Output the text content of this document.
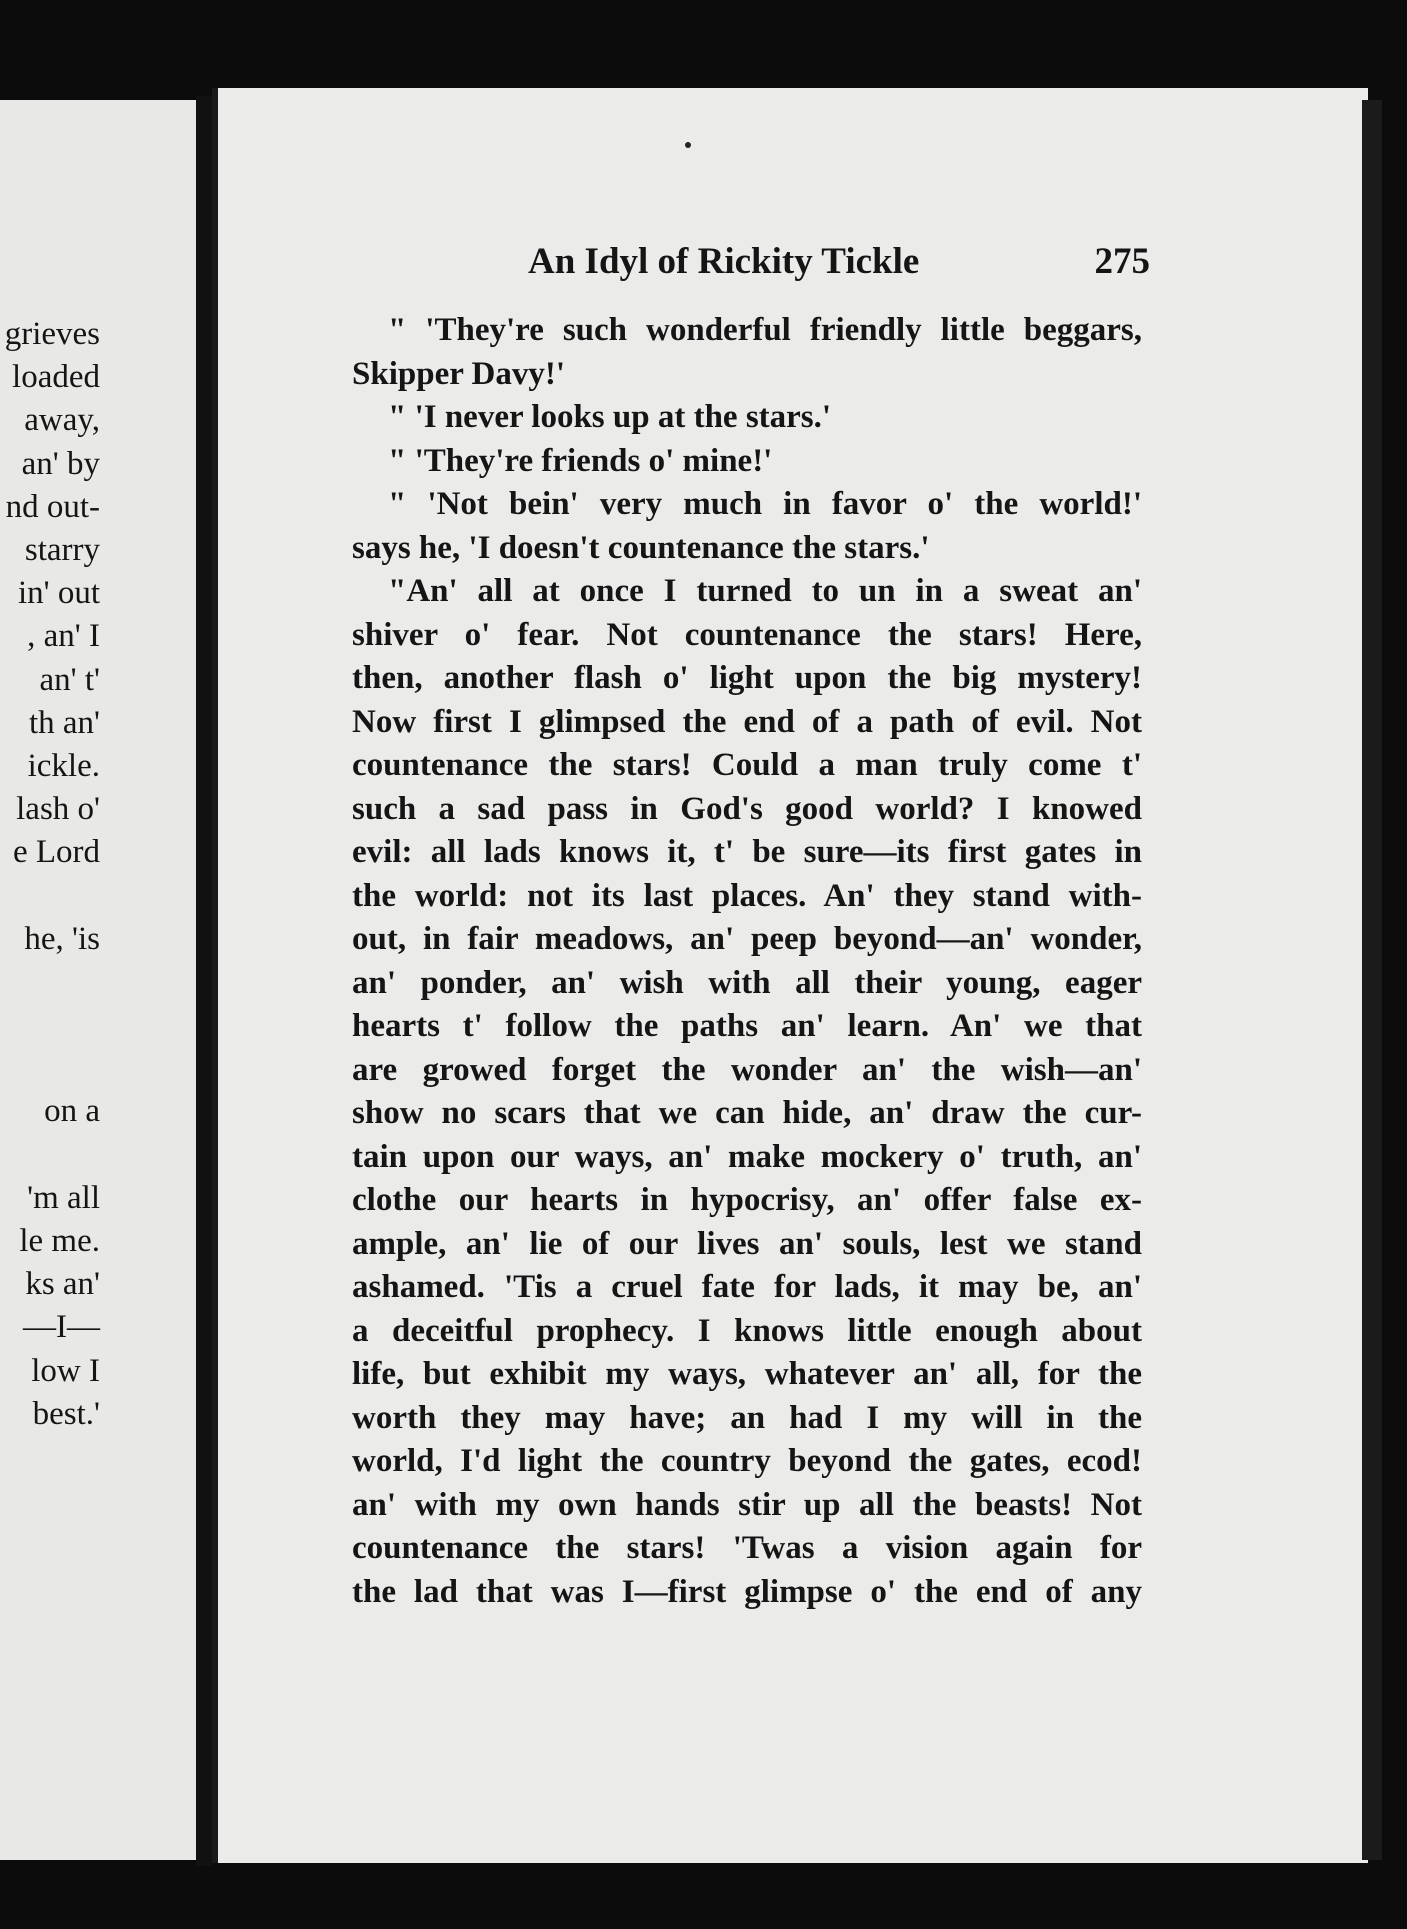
grieves
loaded
away,
an' by
nd out-
starry
in' out
, an' I
an' t'
th an'
ickle.
lash o'
e Lord
he, 'is
on a
'm all
le me.
ks an'
—I—
low I
best.'
An Idyl of Rickity Tickle	275
" 'They're such wonderful friendly little beggars,
Skipper Davy!'
" 'I never looks up at the stars.'
" 'They're friends o' mine!'
" 'Not bein' very much in favor o' the world!'
says he, 'I doesn't countenance the stars.'
"An' all at once I turned to un in a sweat an'
shiver o' fear. Not countenance the stars! Here,
then, another flash o' light upon the big mystery!
Now first I glimpsed the end of a path of evil. Not
countenance the stars! Could a man truly come t'
such a sad pass in God's good world? I knowed
evil: all lads knows it, t' be sure—its first gates in
the world: not its last places. An' they stand with-
out, in fair meadows, an' peep beyond—an' wonder,
an' ponder, an' wish with all their young, eager
hearts t' follow the paths an' learn. An' we that
are growed forget the wonder an' the wish—an'
show no scars that we can hide, an' draw the cur-
tain upon our ways, an' make mockery o' truth, an'
clothe our hearts in hypocrisy, an' offer false ex-
ample, an' lie of our lives an' souls, lest we stand
ashamed. 'Tis a cruel fate for lads, it may be, an'
a deceitful prophecy. I knows little enough about
life, but exhibit my ways, whatever an' all, for the
worth they may have; an had I my will in the
world, I'd light the country beyond the gates, ecod!
an' with my own hands stir up all the beasts! Not
countenance the stars! 'Twas a vision again for
the lad that was I—first glimpse o' the end of any
